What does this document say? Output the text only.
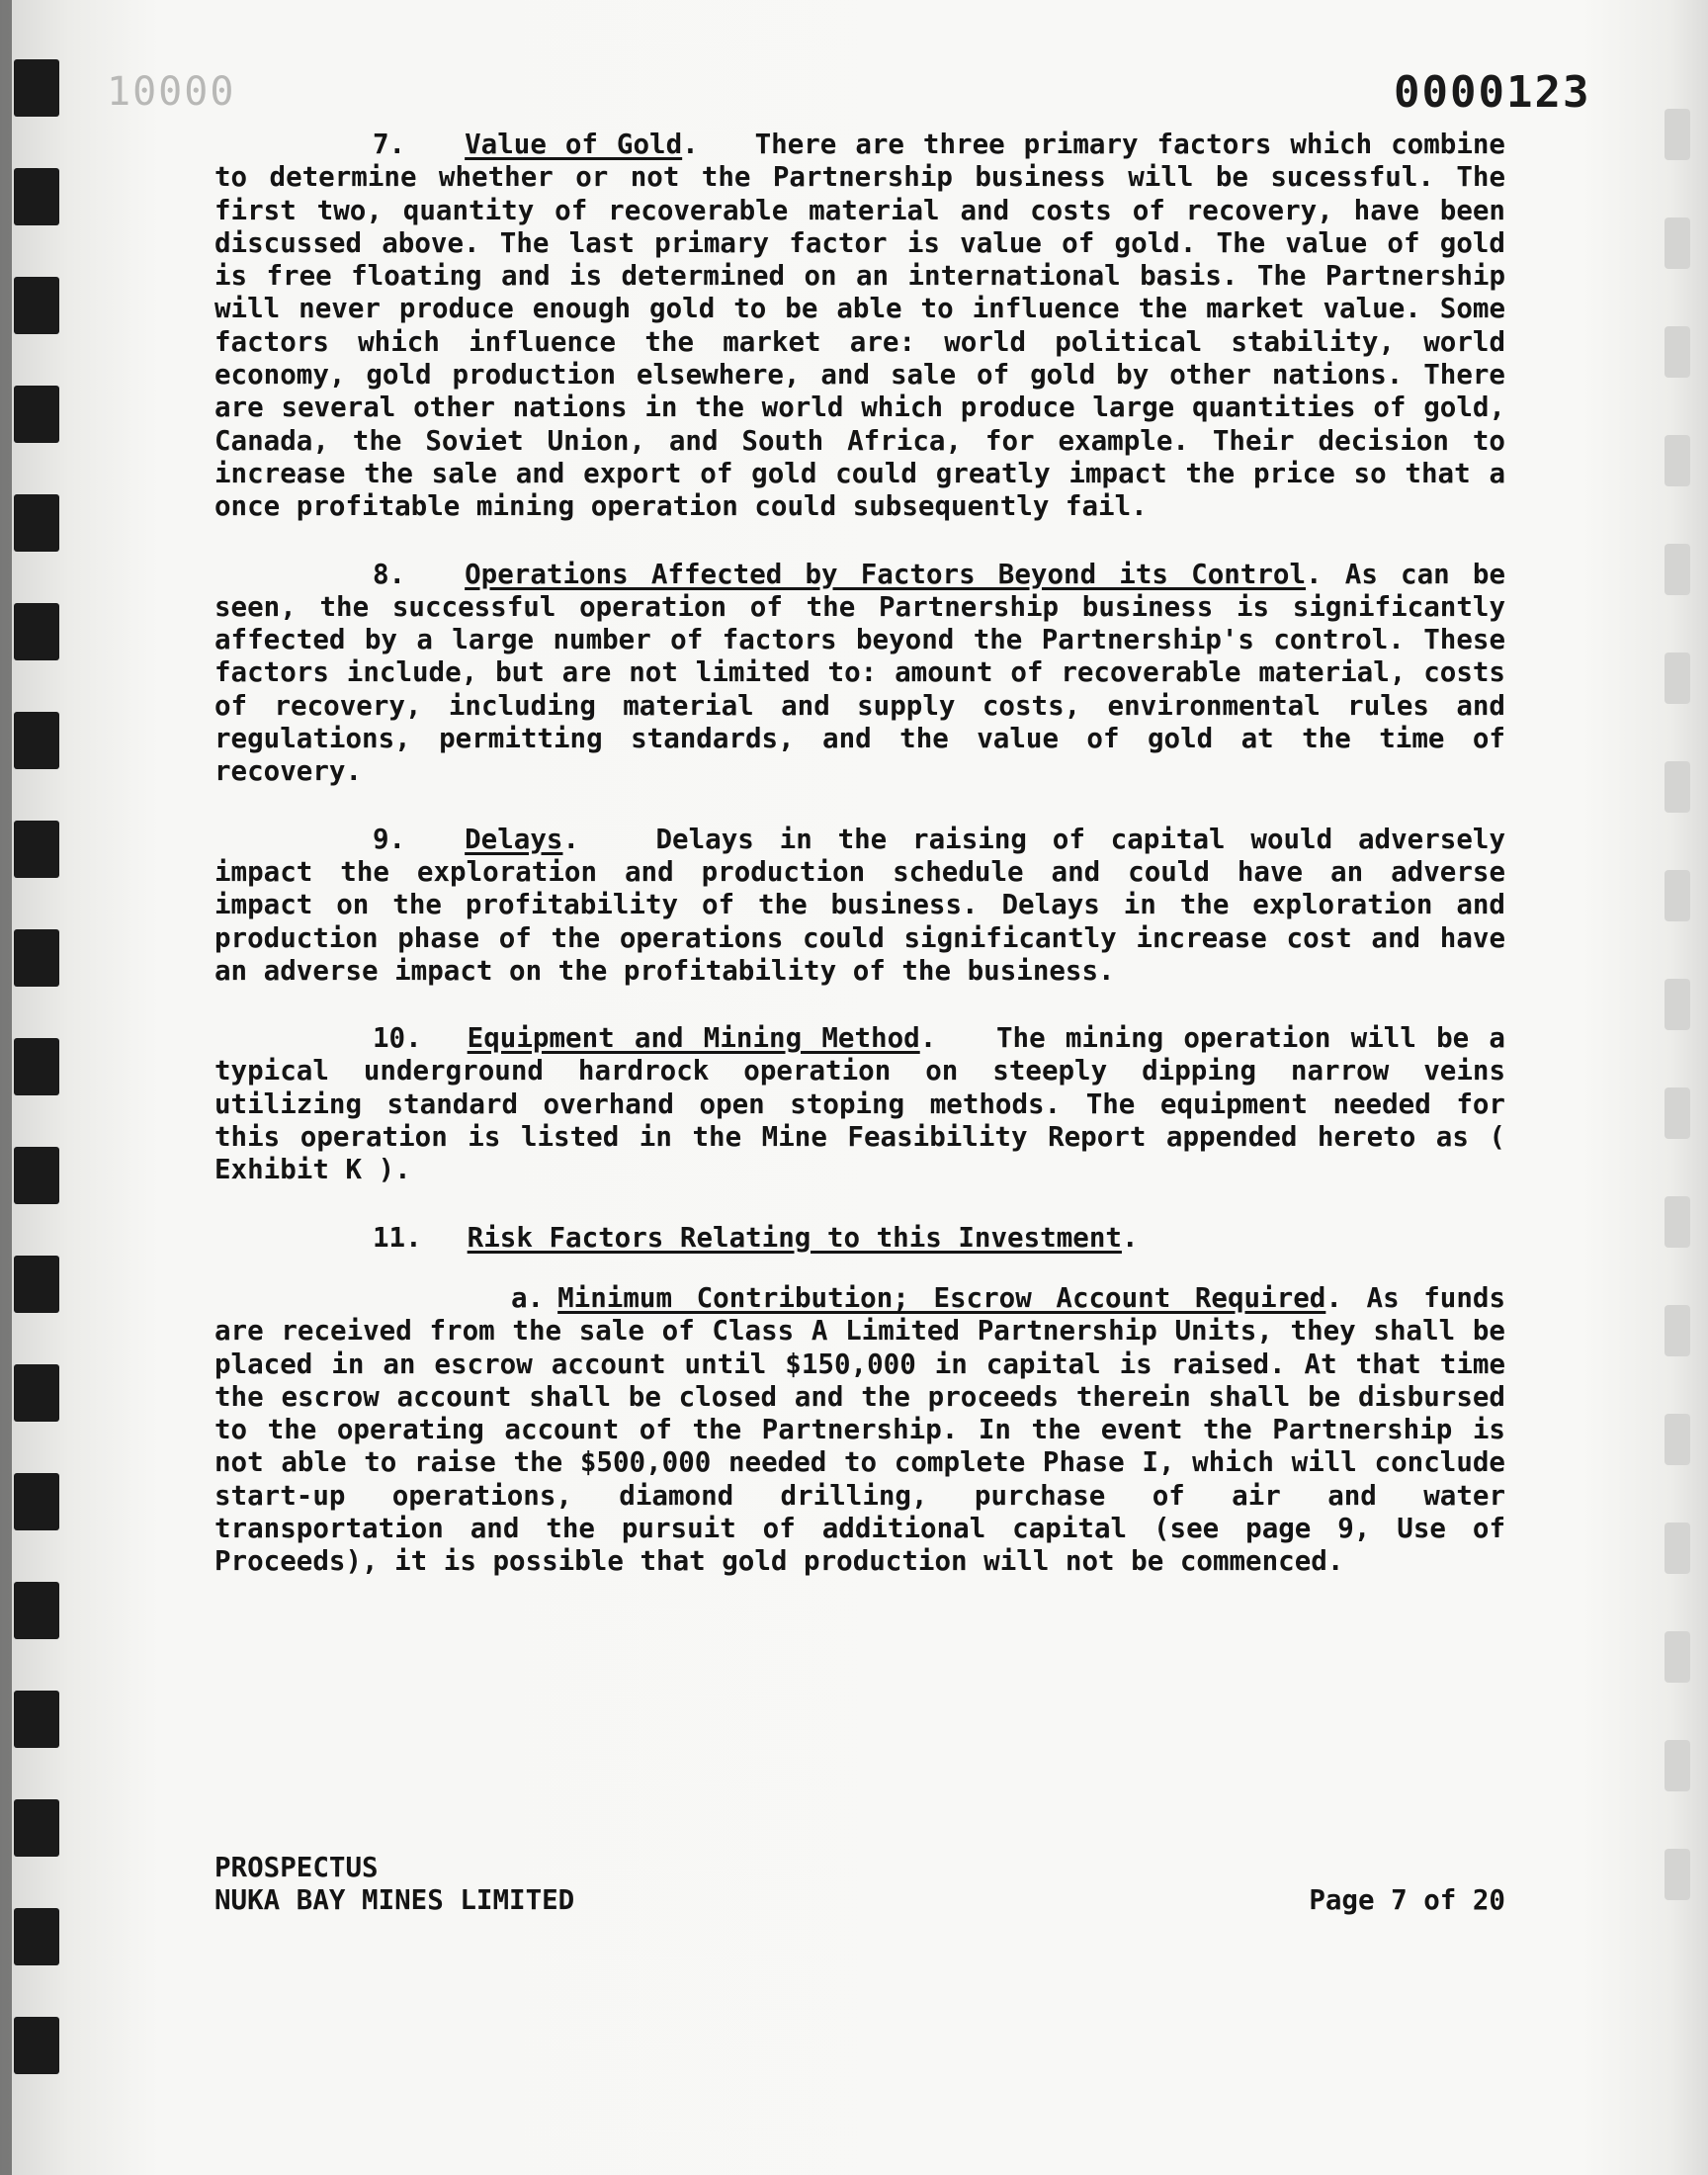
10000	0000123

7. Value of Gold. There are three primary factors which combine to determine whether or not the Partnership business will be sucessful. The first two, quantity of recoverable material and costs of recovery, have been discussed above. The last primary factor is value of gold. The value of gold is free floating and is determined on an international basis. The Partnership will never produce enough gold to be able to influence the market value. Some factors which influence the market are: world political stability, world economy, gold production elsewhere, and sale of gold by other nations. There are several other nations in the world which produce large quantities of gold, Canada, the Soviet Union, and South Africa, for example. Their decision to increase the sale and export of gold could greatly impact the price so that a once profitable mining operation could subsequently fail.

8. Operations Affected by Factors Beyond its Control. As can be seen, the successful operation of the Partnership business is significantly affected by a large number of factors beyond the Partnership's control. These factors include, but are not limited to: amount of recoverable material, costs of recovery, including material and supply costs, environmental rules and regulations, permitting standards, and the value of gold at the time of recovery.

9. Delays.	Delays in the raising of capital would adversely impact the exploration and production schedule and could have an adverse impact on the profitability of the business. Delays in the exploration and production phase of the operations could significantly increase cost and have an adverse impact on the profitability of the business.

10. Equipment and Mining Method. The mining operation will be a typical underground hardrock operation on steeply dipping narrow veins utilizing standard overhand open stoping methods. The equipment needed for this operation is listed in the Mine Feasibility Report appended hereto as ( Exhibit K ).

11. Risk Factors Relating to this Investment.

a. Minimum Contribution; Escrow Account Required. As funds are received from the sale of Class A Limited Partnership Units, they shall be placed in an escrow account until $150,000 in capital is raised. At that time the escrow account shall be closed and the proceeds therein shall be disbursed to the operating account of the Partnership. In the event the Partnership is not able to raise the $500,000 needed to complete Phase I, which will conclude start-up operations, diamond drilling, purchase of air and water transportation and the pursuit of additional capital (see page 9, Use of Proceeds), it is possible that gold production will not be commenced.

PROSPECTUS
NUKA BAY MINES LIMITED	Page 7 of 20
